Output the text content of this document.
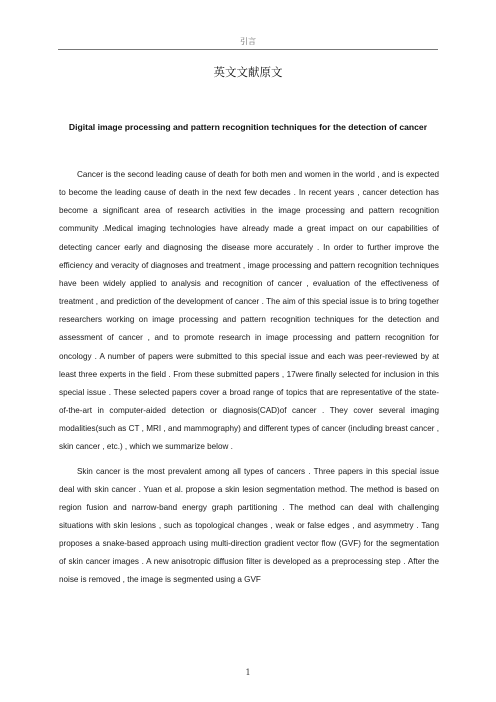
引言
英文文献原文
Digital image processing and pattern recognition techniques for the detection of cancer

Cancer is the second leading cause of death for both men and women in the world , and is expected to become the leading cause of death in the next few decades . In recent years , cancer detection has become a significant area of research activities in the image processing and pattern recognition community .Medical imaging technologies have already made a great impact on our capabilities of detecting cancer early and diagnosing the disease more accurately . In order to further improve the efficiency and veracity of diagnoses and treatment , image processing and pattern recognition techniques have been widely applied to analysis and recognition of cancer , evaluation of the effectiveness of treatment , and prediction of the development of cancer . The aim of this special issue is to bring together researchers working on image processing and pattern recognition techniques for the detection and assessment of cancer , and to promote research in image processing and pattern recognition for oncology . A number of papers were submitted to this special issue and each was peer-reviewed by at least three experts in the field . From these submitted papers , 17were finally selected for inclusion in this special issue . These selected papers cover a broad range of topics that are representative of the state-of-the-art in computer-aided detection or diagnosis(CAD)of cancer . They cover several imaging modalities(such as CT , MRI , and mammography) and different types of cancer (including breast cancer , skin cancer , etc.) , which we summarize below .

Skin cancer is the most prevalent among all types of cancers . Three papers in this special issue deal with skin cancer . Yuan et al. propose a skin lesion segmentation method. The method is based on region fusion and narrow-band energy graph partitioning . The method can deal with challenging situations with skin lesions , such as topological changes , weak or false edges , and asymmetry . Tang proposes a snake-based approach using multi-direction gradient vector flow (GVF) for the segmentation of skin cancer images . A new anisotropic diffusion filter is developed as a preprocessing step . After the noise is removed , the image is segmented using a GVF

1
